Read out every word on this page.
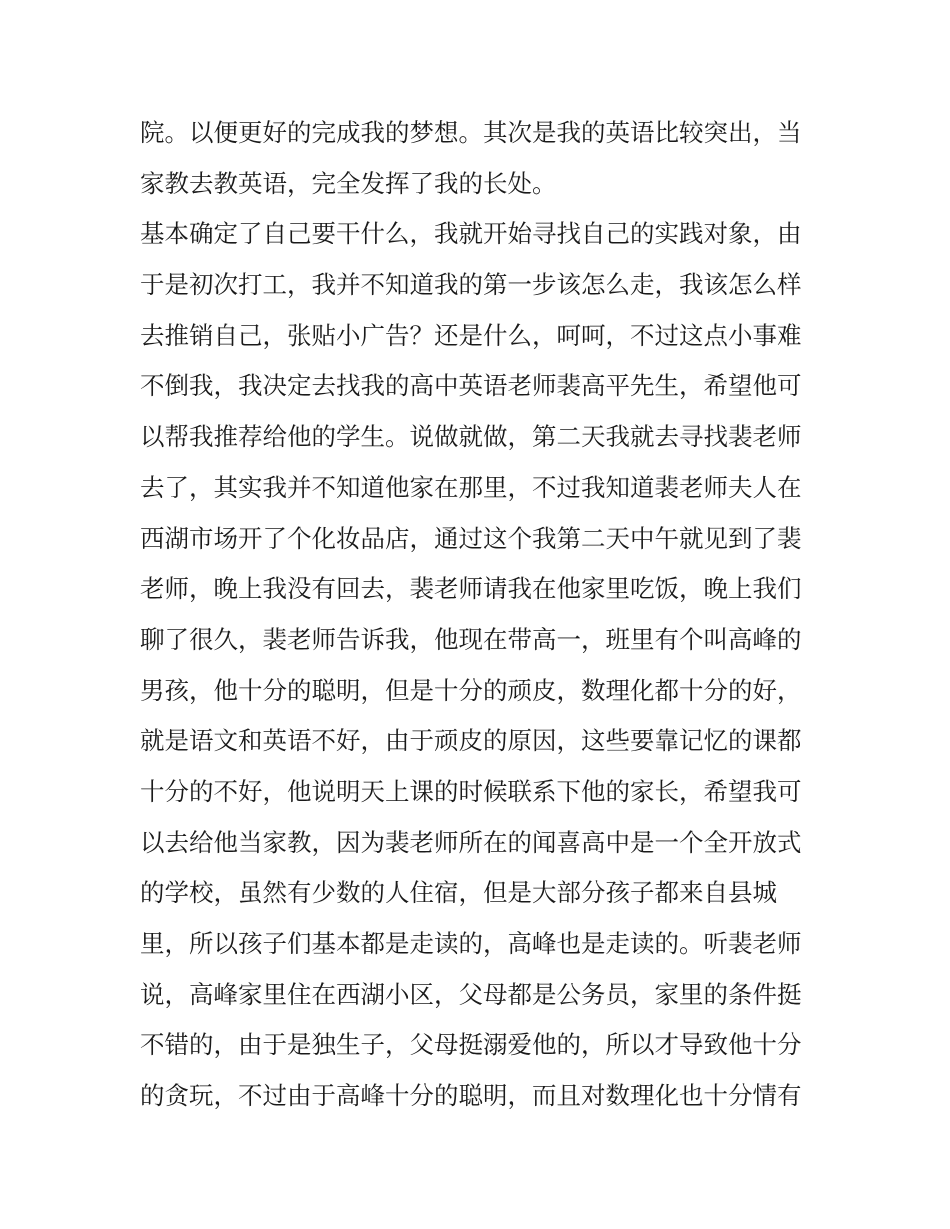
院。以便更好的完成我的梦想。其次是我的英语比较突出，当
家教去教英语，完全发挥了我的长处。
基本确定了自己要干什么，我就开始寻找自己的实践对象，由
于是初次打工，我并不知道我的第一步该怎么走，我该怎么样
去推销自己，张贴小广告？还是什么，呵呵，不过这点小事难
不倒我，我决定去找我的高中英语老师裴高平先生，希望他可
以帮我推荐给他的学生。说做就做，第二天我就去寻找裴老师
去了，其实我并不知道他家在那里，不过我知道裴老师夫人在
西湖市场开了个化妆品店，通过这个我第二天中午就见到了裴
老师，晚上我没有回去，裴老师请我在他家里吃饭，晚上我们
聊了很久，裴老师告诉我，他现在带高一，班里有个叫高峰的
男孩，他十分的聪明，但是十分的顽皮，数理化都十分的好，
就是语文和英语不好，由于顽皮的原因，这些要靠记忆的课都
十分的不好，他说明天上课的时候联系下他的家长，希望我可
以去给他当家教，因为裴老师所在的闻喜高中是一个全开放式
的学校，虽然有少数的人住宿，但是大部分孩子都来自县城
里，所以孩子们基本都是走读的，高峰也是走读的。听裴老师
说，高峰家里住在西湖小区，父母都是公务员，家里的条件挺
不错的，由于是独生子，父母挺溺爱他的，所以才导致他十分
的贪玩，不过由于高峰十分的聪明，而且对数理化也十分情有
